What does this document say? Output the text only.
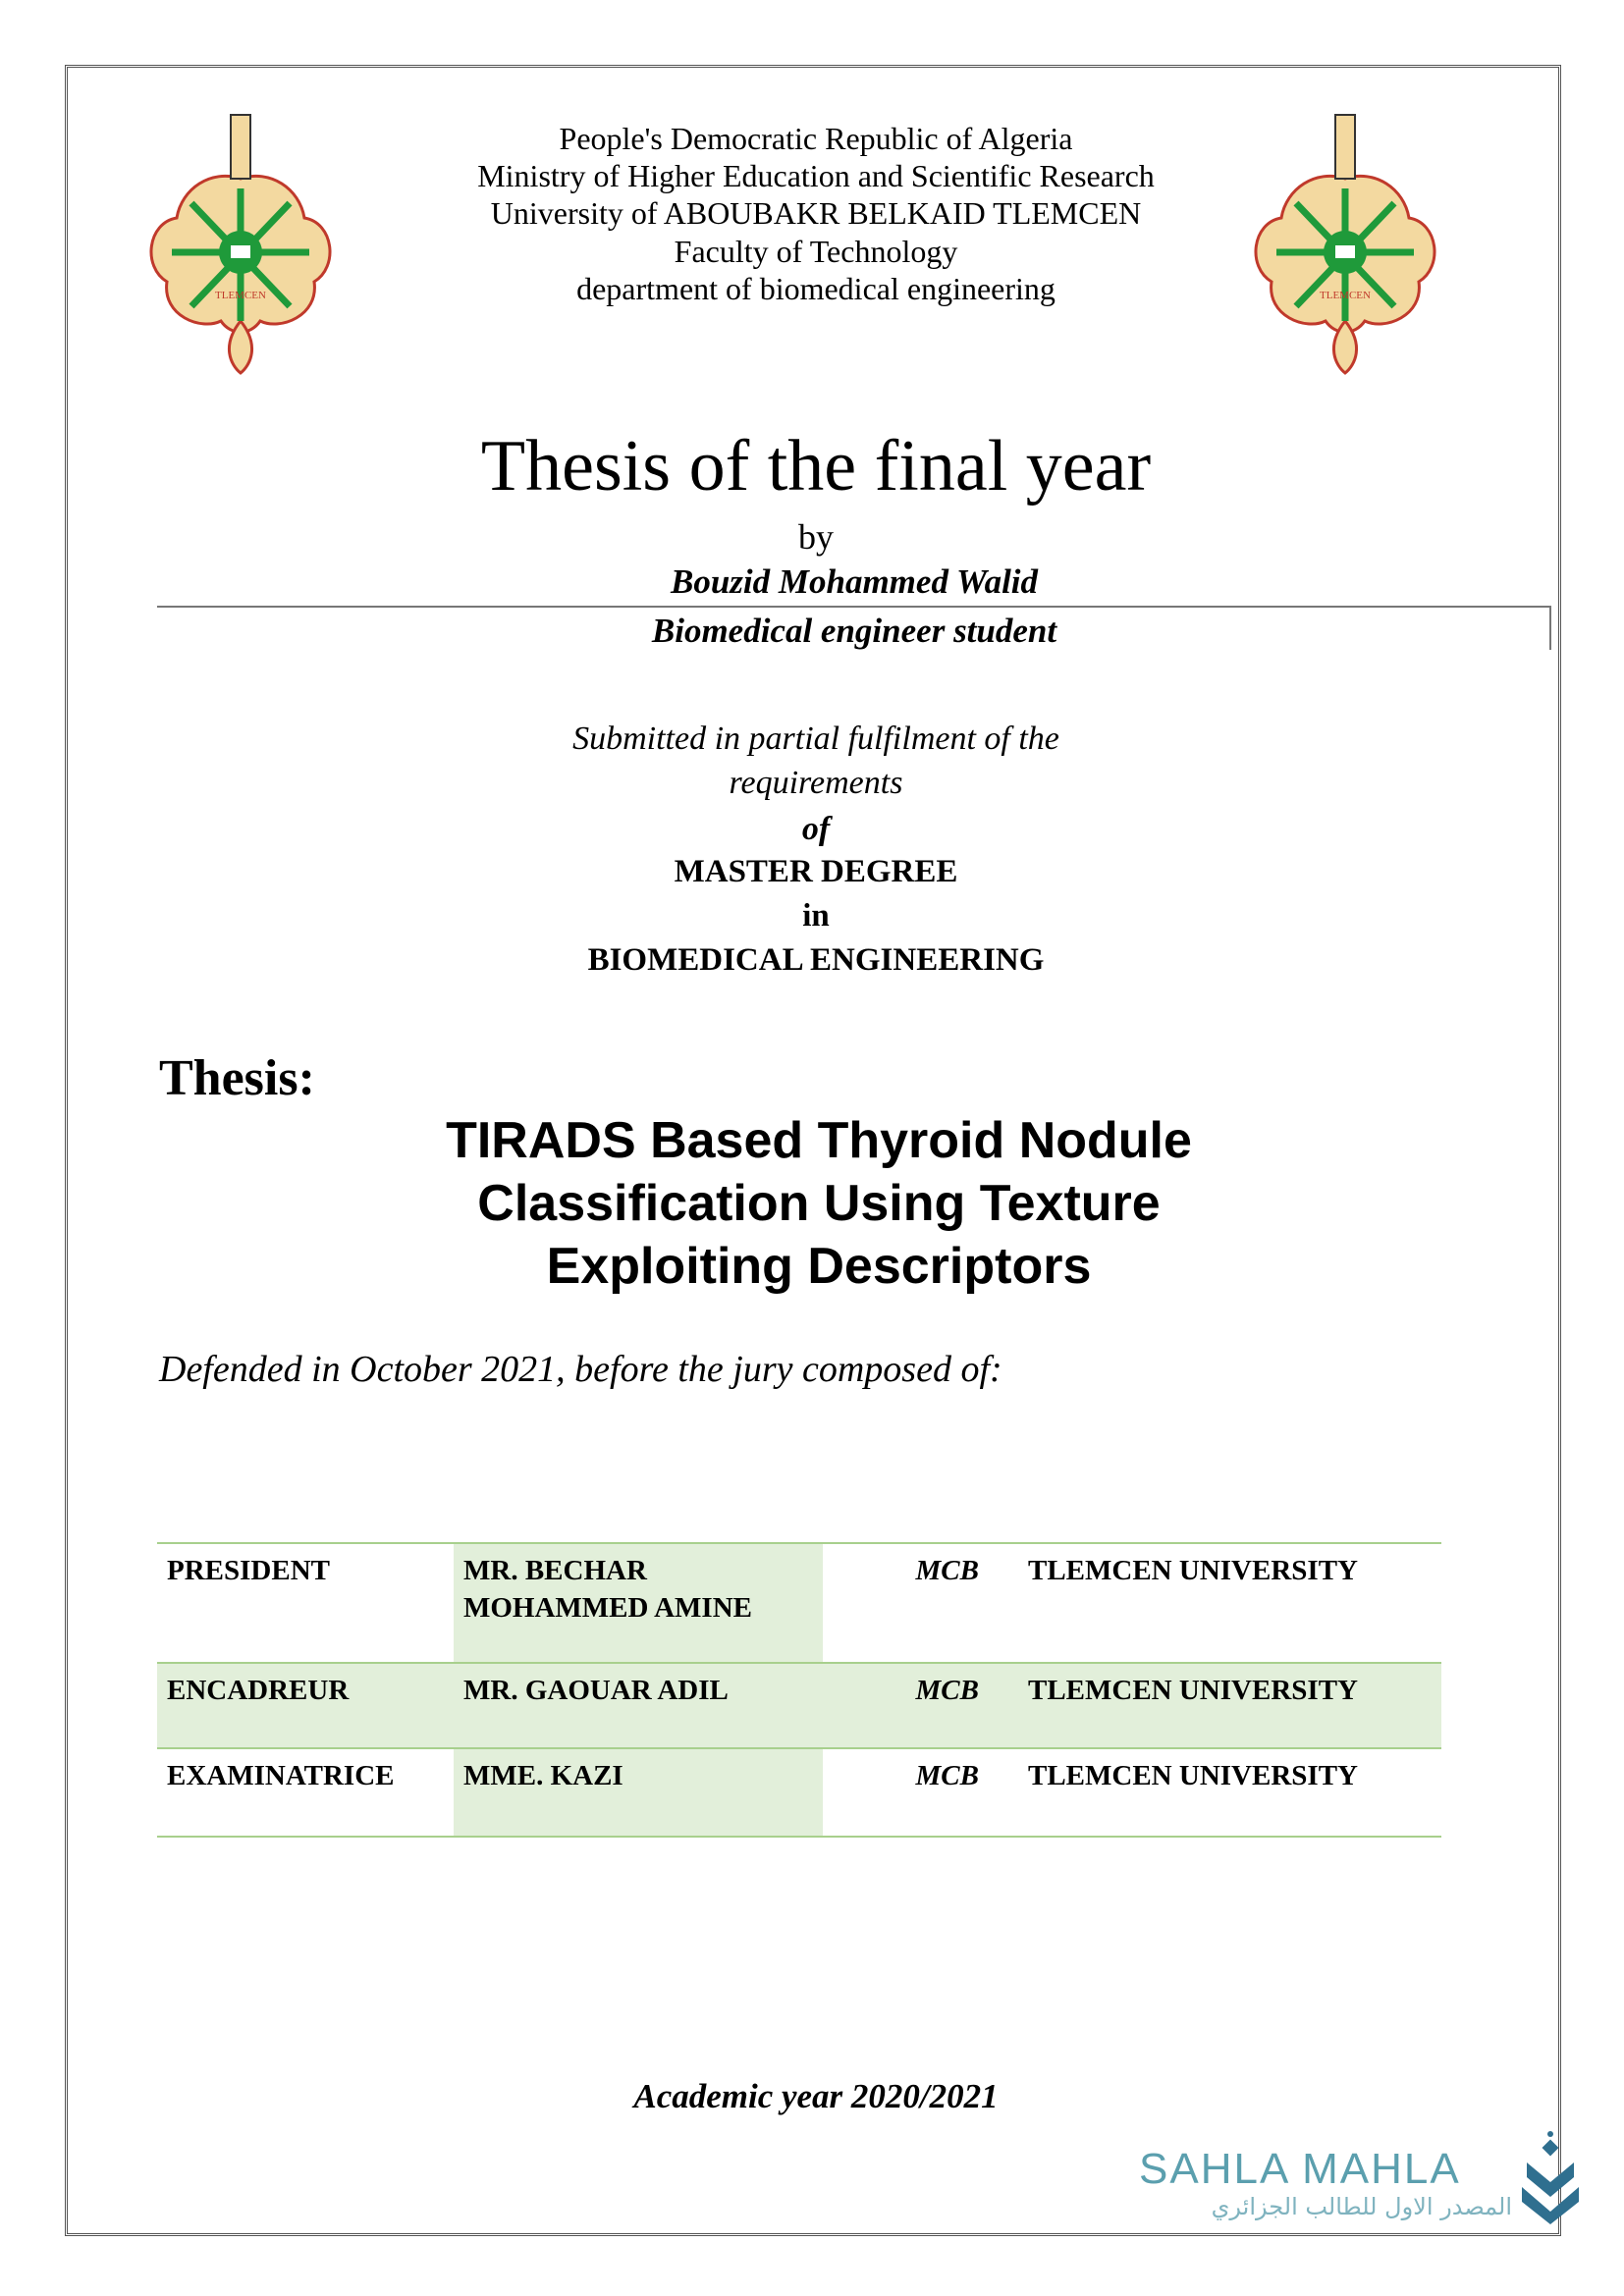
TLEMCEN	TLEMCEN
People's Democratic Republic of Algeria
Ministry of Higher Education and Scientific Research
University of ABOUBAKR BELKAID TLEMCEN
Faculty of Technology
department of biomedical engineering
Thesis of the final year
by
Bouzid Mohammed Walid
Biomedical engineer student
Submitted in partial fulfilment of the
requirements
of
MASTER DEGREE
in
BIOMEDICAL ENGINEERING
Thesis:
TIRADS Based Thyroid Nodule
Classification Using Texture
Exploiting Descriptors
Defended in October 2021, before the jury composed of:
PRESIDENT	MR. BECHAR MOHAMMED AMINE	MCB	TLEMCEN UNIVERSITY
ENCADREUR	MR. GAOUAR ADIL	MCB	TLEMCEN UNIVERSITY
EXAMINATRICE	MME. KAZI	MCB	TLEMCEN UNIVERSITY
Academic year 2020/2021
SAHLA MAHLA
المصدر الاول للطالب الجزائري
